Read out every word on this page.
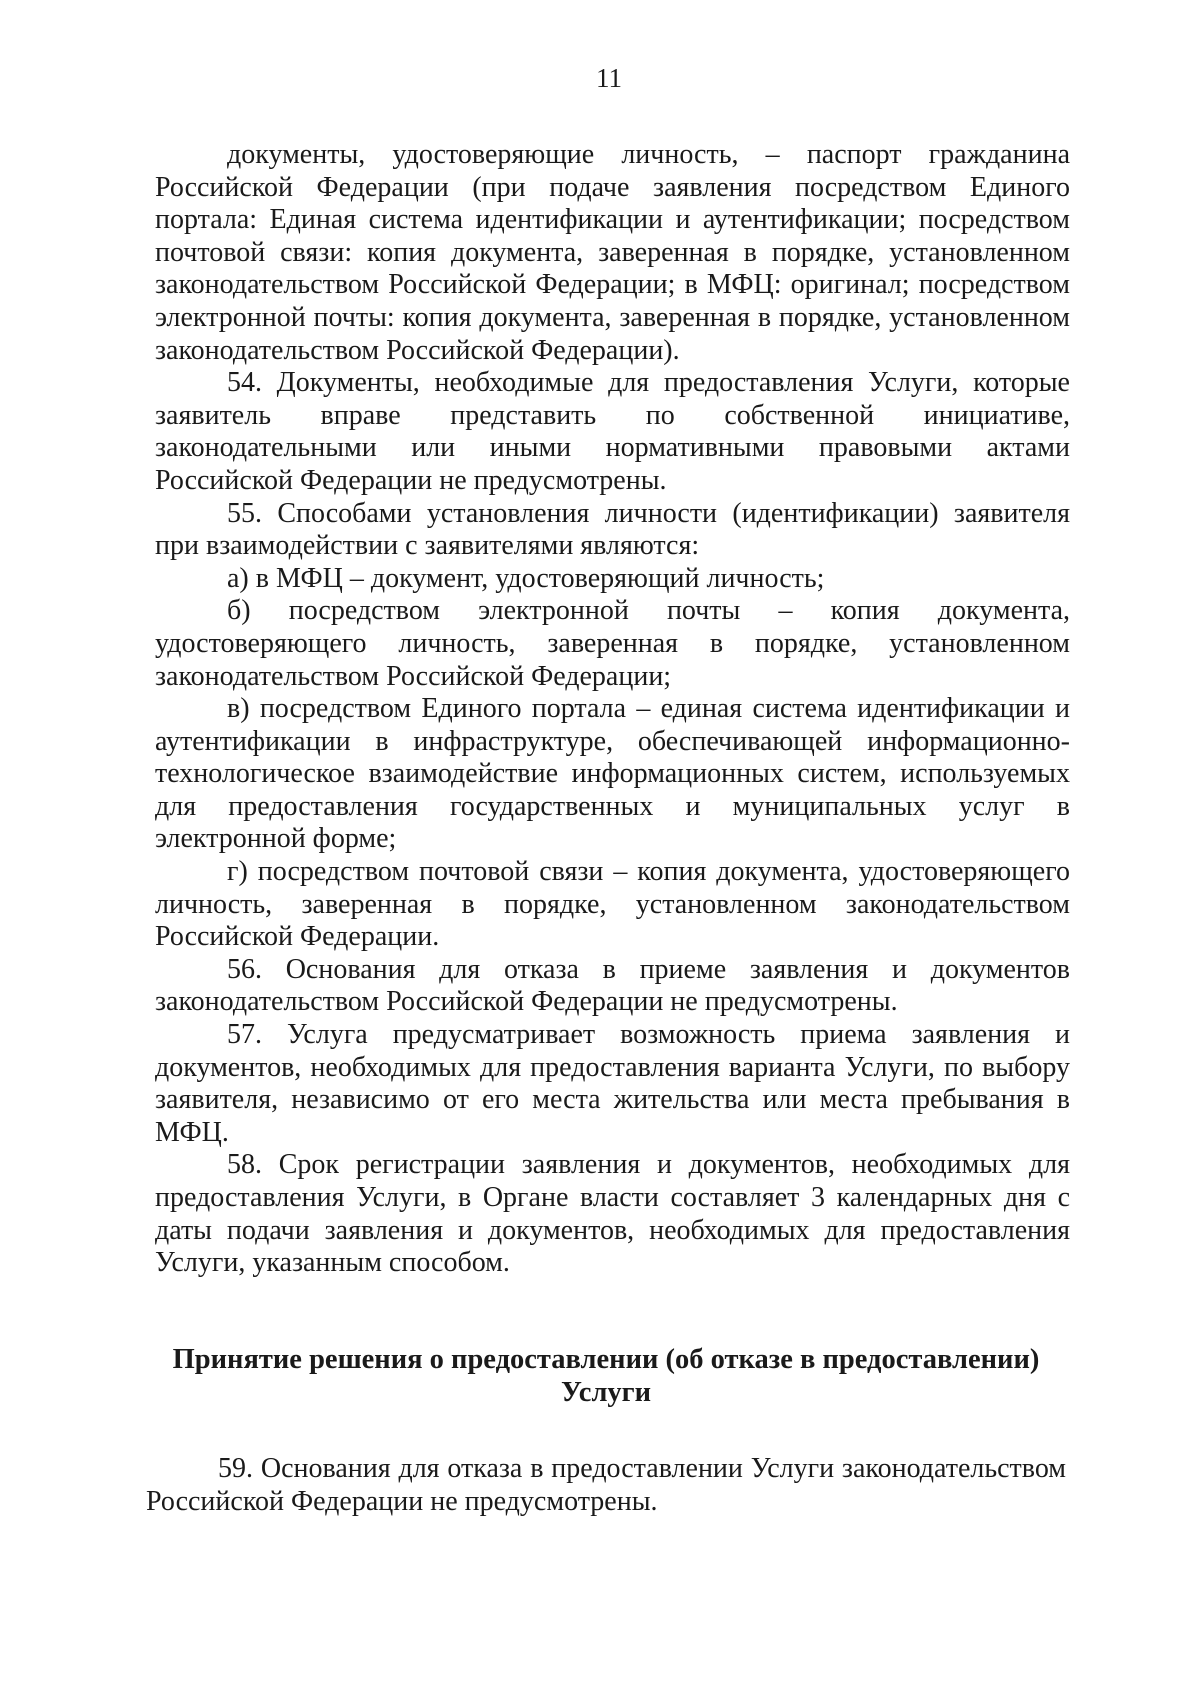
11

документы, удостоверяющие личность, – паспорт гражданина Российской Федерации (при подаче заявления посредством Единого портала: Единая система идентификации и аутентификации; посредством почтовой связи: копия документа, заверенная в порядке, установленном законодательством Российской Федерации; в МФЦ: оригинал; посредством электронной почты: копия документа, заверенная в порядке, установленном законодательством Российской Федерации).

54. Документы, необходимые для предоставления Услуги, которые заявитель вправе представить по собственной инициативе, законодательными или иными нормативными правовыми актами Российской Федерации не предусмотрены.

55. Способами установления личности (идентификации) заявителя при взаимодействии с заявителями являются:

а) в МФЦ – документ, удостоверяющий личность;

б) посредством электронной почты – копия документа, удостоверяющего личность, заверенная в порядке, установленном законодательством Российской Федерации;

в) посредством Единого портала – единая система идентификации и аутентификации в инфраструктуре, обеспечивающей информационно-технологическое взаимодействие информационных систем, используемых для предоставления государственных и муниципальных услуг в электронной форме;

г) посредством почтовой связи – копия документа, удостоверяющего личность, заверенная в порядке, установленном законодательством Российской Федерации.

56. Основания для отказа в приеме заявления и документов законодательством Российской Федерации не предусмотрены.

57. Услуга предусматривает возможность приема заявления и документов, необходимых для предоставления варианта Услуги, по выбору заявителя, независимо от его места жительства или места пребывания в МФЦ.

58. Срок регистрации заявления и документов, необходимых для предоставления Услуги, в Органе власти составляет 3 календарных дня с даты подачи заявления и документов, необходимых для предоставления Услуги, указанным способом.

Принятие решения о предоставлении (об отказе в предоставлении)
Услуги

59. Основания для отказа в предоставлении Услуги законодательством Российской Федерации не предусмотрены.
